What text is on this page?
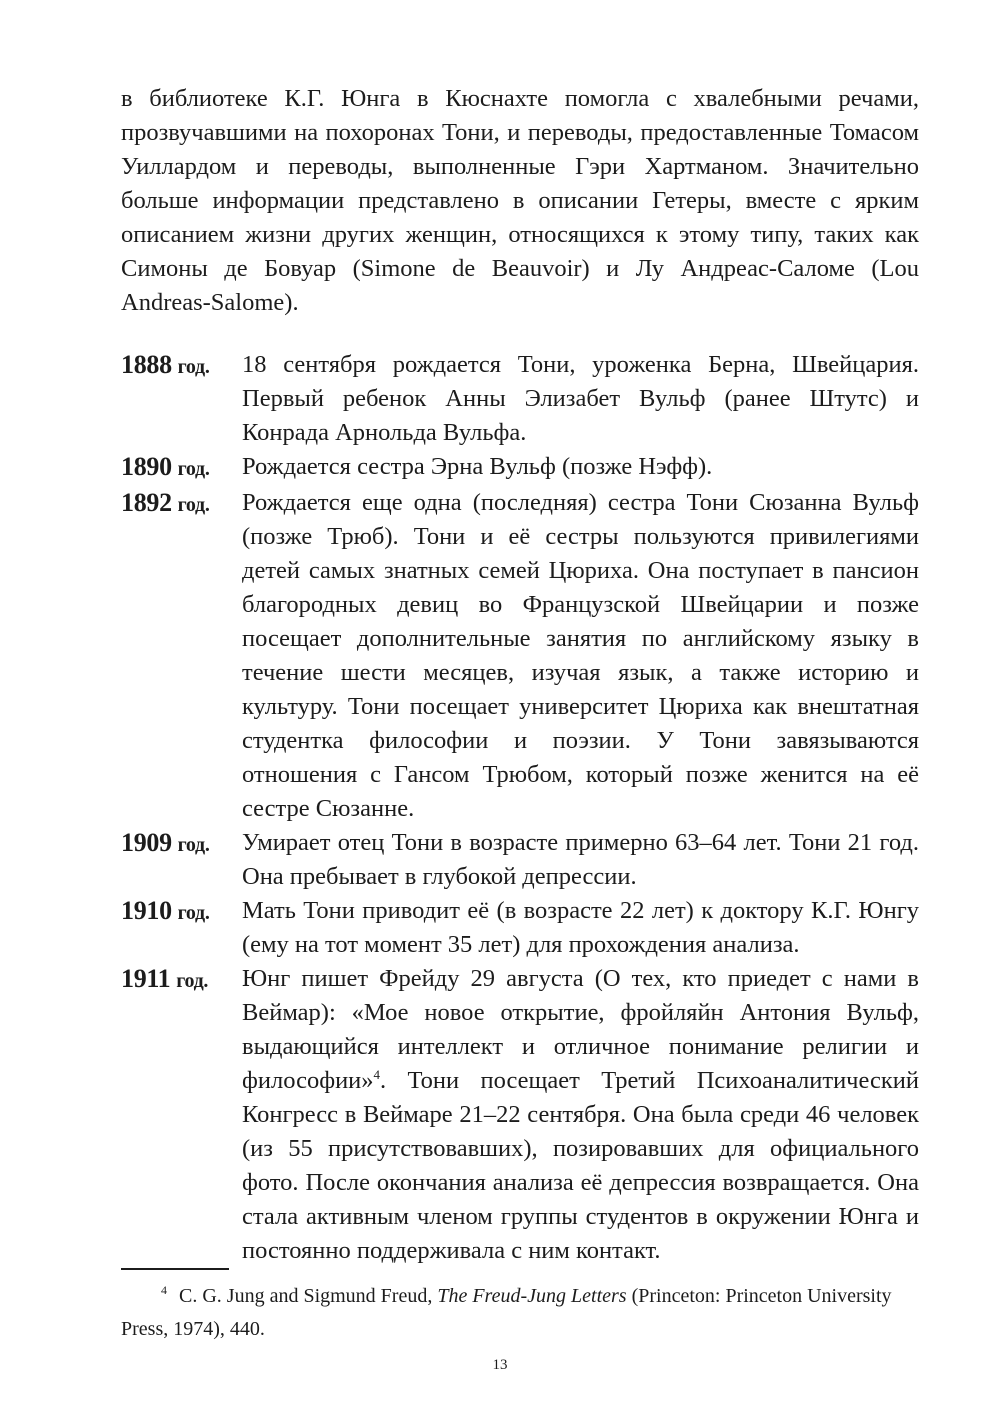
в библиотеке К.Г. Юнга в Кюснахте помогла с хвалебными речами, прозвучавшими на похоронах Тони, и переводы, предоставленные Томасом Уиллардом и переводы, выполненные Гэри Хартманом. Значительно больше информации представлено в описании Гетеры, вместе с ярким описанием жизни других женщин, относящихся к этому типу, таких как Симоны де Бовуар (Simone de Beauvoir) и Лу Андреас-Саломе (Lou Andreas-Salome).

1888 год.	18 сентября рождается Тони, уроженка Берна, Швейцария. Первый ребенок Анны Элизабет Вульф (ранее Штутс) и Конрада Арнольда Вульфа.

1890 год.	Рождается сестра Эрна Вульф (позже Нэфф).

1892 год.	Рождается еще одна (последняя) сестра Тони Сюзанна Вульф (позже Трюб). Тони и её сестры пользуются привилегиями детей самых знатных семей Цюриха. Она поступает в пансион благородных девиц во Французской Швейцарии и позже посещает дополнительные занятия по английскому языку в течение шести месяцев, изучая язык, а также историю и культуру. Тони посещает университет Цюриха как внештатная студентка философии и поэзии. У Тони завязываются отношения с Гансом Трюбом, который позже женится на её сестре Сюзанне.

1909 год.	Умирает отец Тони в возрасте примерно 63–64 лет. Тони 21 год. Она пребывает в глубокой депрессии.

1910 год.	Мать Тони приводит её (в возрасте 22 лет) к доктору К.Г. Юнгу (ему на тот момент 35 лет) для прохождения анализа.

1911 год.	Юнг пишет Фрейду 29 августа (О тех, кто приедет с нами в Веймар): «Мое новое открытие, фройляйн Антония Вульф, выдающийся интеллект и отличное понимание религии и философии»$^4$. Тони посещает Третий Психоаналитический Конгресс в Веймаре 21–22 сентября. Она была среди 46 человек (из 55 присутствовавших), позировавших для официального фото. После окончания анализа её депрессия возвращается. Она стала активным членом группы студентов в окружении Юнга и постоянно поддерживала с ним контакт.

$^4$ C. G. Jung and Sigmund Freud, The Freud-Jung Letters (Princeton: Princeton University Press, 1974), 440.

13
